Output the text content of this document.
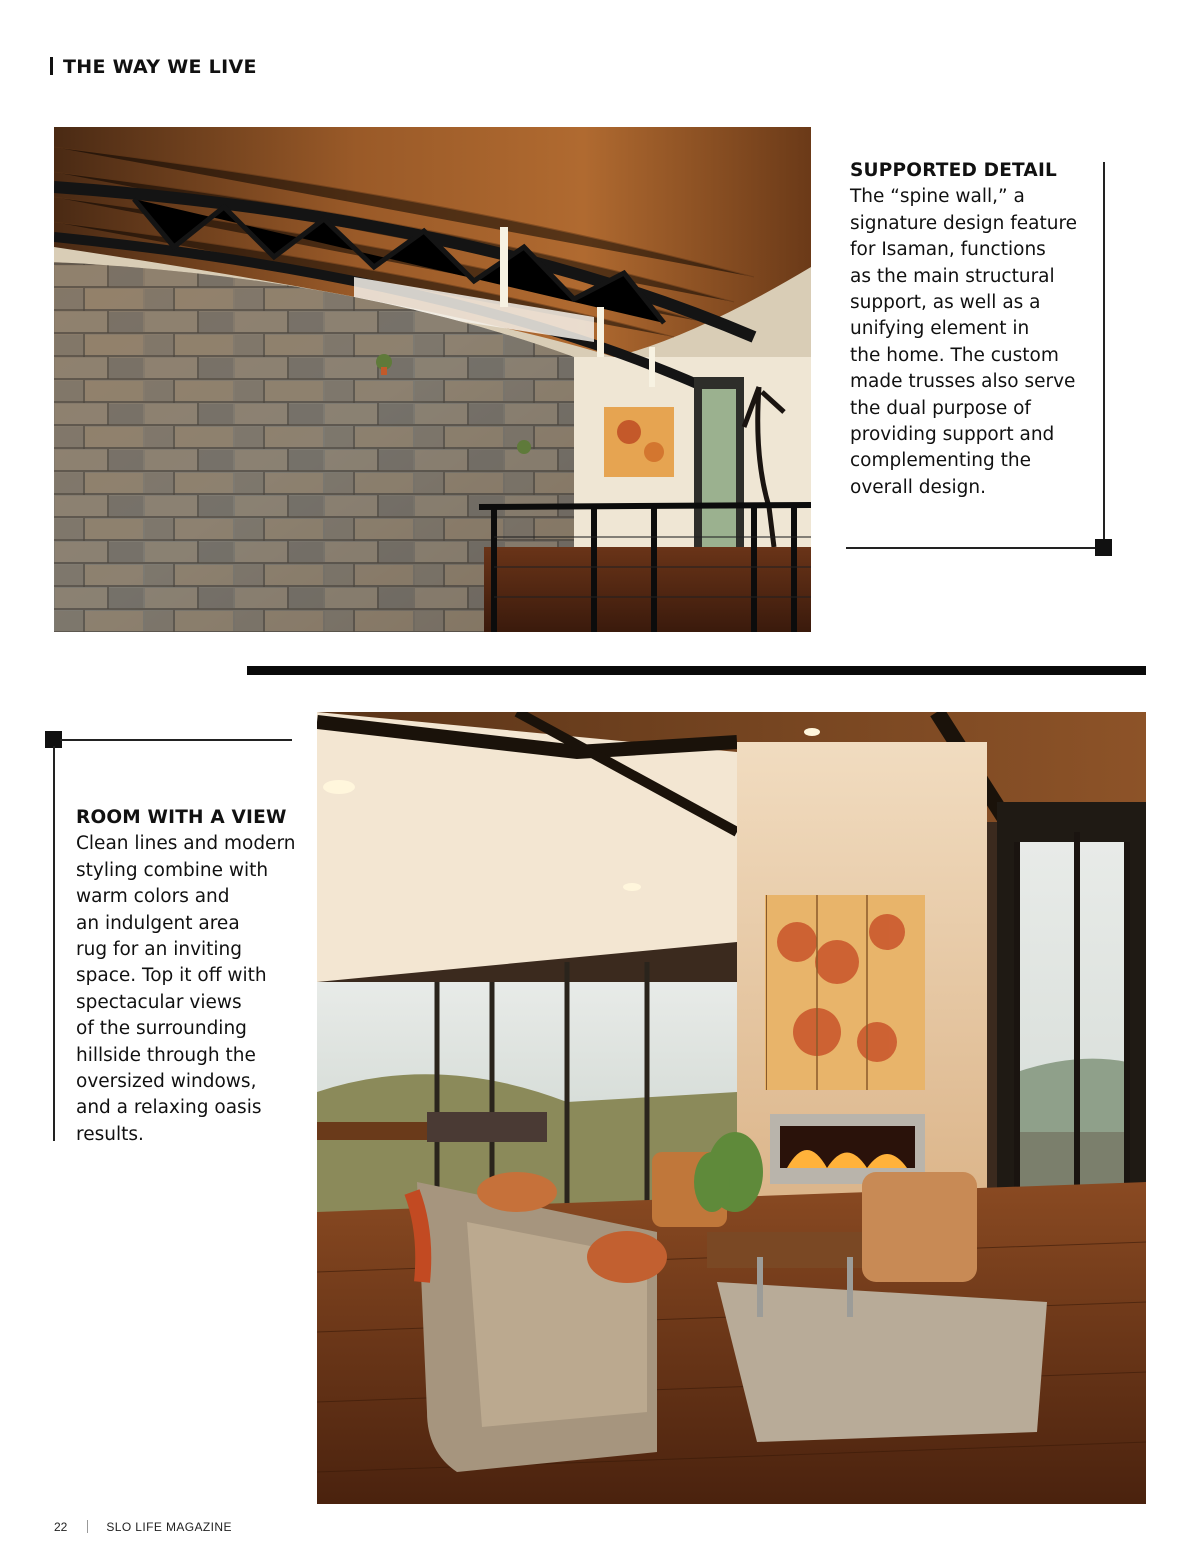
THE WAY WE LIVE
SUPPORTED DETAIL
The “spine wall,” a
signature design feature
for Isaman, functions
as the main structural
support, as well as a
unifying element in
the home. The custom
made trusses also serve
the dual purpose of
providing support and
complementing the
overall design.
ROOM WITH A VIEW
Clean lines and modern
styling combine with
warm colors and
an indulgent area
rug for an inviting
space. Top it off with
spectacular views
of the surrounding
hillside through the
oversized windows,
and a relaxing oasis
results.
22	SLO LIFE MAGAZINE
